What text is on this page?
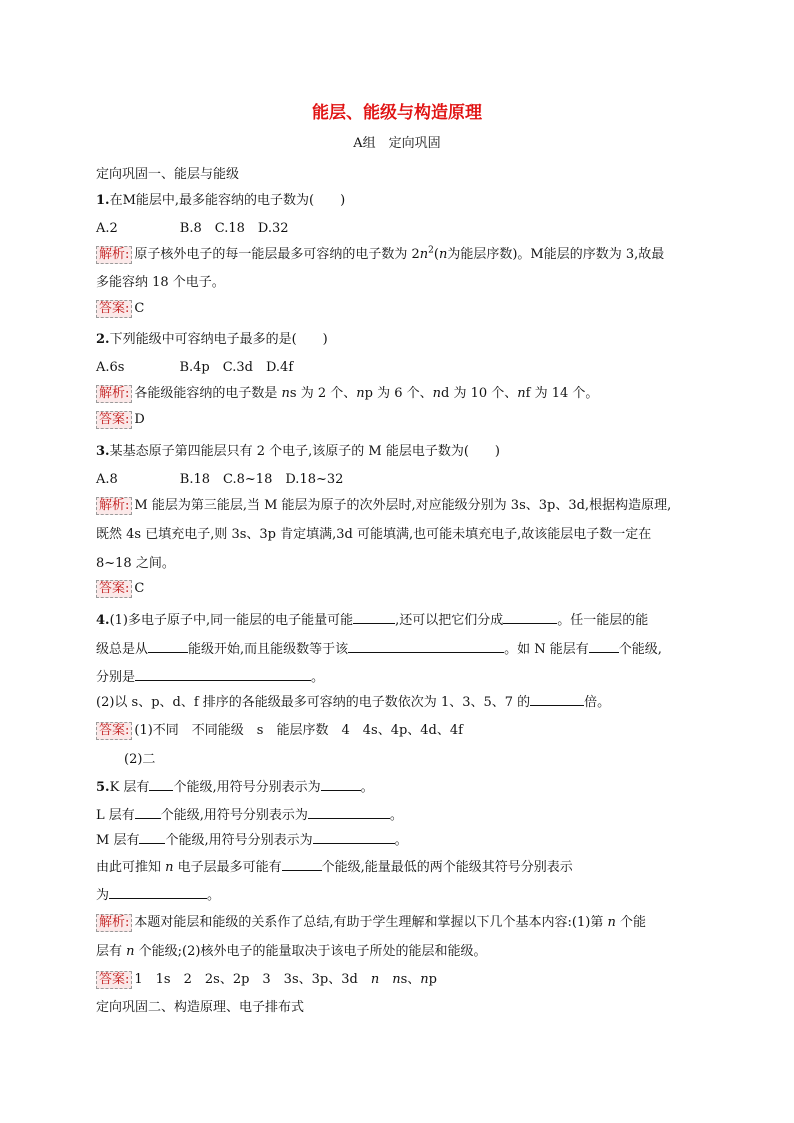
能层、能级与构造原理
A组　定向巩固
定向巩固一、能层与能级
1.在M能层中,最多能容纳的电子数为(　　)
A.2	B.8　C.18　D.32
解析: 原子核外电子的每一能层最多可容纳的电子数为 $2n^2(n$为能层序数)。M能层的序数为 3,故最
多能容纳 18 个电子。
答案: C
2.下列能级中可容纳电子最多的是(　　)
A.6s	B.4p　C.3d　D.4f
解析: 各能级能容纳的电子数是 ns 为 2 个、np 为 6 个、nd 为 10 个、nf 为 14 个。
答案: D
3.某基态原子第四能层只有 2 个电子,该原子的 M 能层电子数为(　　)
A.8	B.18　C.8~18　D.18~32
解析: M 能层为第三能层,当 M 能层为原子的次外层时,对应能级分别为 3s、3p、3d,根据构造原理,
既然 4s 已填充电子,则 3s、3p 肯定填满,3d 可能填满,也可能未填充电子,故该能层电子数一定在
8~18 之间。
答案: C
4.(1)多电子原子中,同一能层的电子能量可能	,还可以把它们分成	。任一能层的能
级总是从	能级开始,而且能级数等于该	。如 N 能层有 个能级,
分别是	。
(2)以 s、p、d、f 排序的各能级最多可容纳的电子数依次为 1、3、5、7 的	倍。
答案: (1)不同　不同能级　s　能层序数　4　4s、4p、4d、4f
(2)二
5.K 层有 个能级,用符号分别表示为	。
L 层有 个能级,用符号分别表示为	。
M 层有 个能级,用符号分别表示为	。
由此可推知 n 电子层最多可能有	个能级,能量最低的两个能级其符号分别表示
为	。
解析: 本题对能层和能级的关系作了总结,有助于学生理解和掌握以下几个基本内容:(1)第 n 个能
层有 n 个能级;(2)核外电子的能量取决于该电子所处的能层和能级。
答案: 1　1s　2　2s、2p　3　3s、3p、3d　n　 ns、np
定向巩固二、构造原理、电子排布式
